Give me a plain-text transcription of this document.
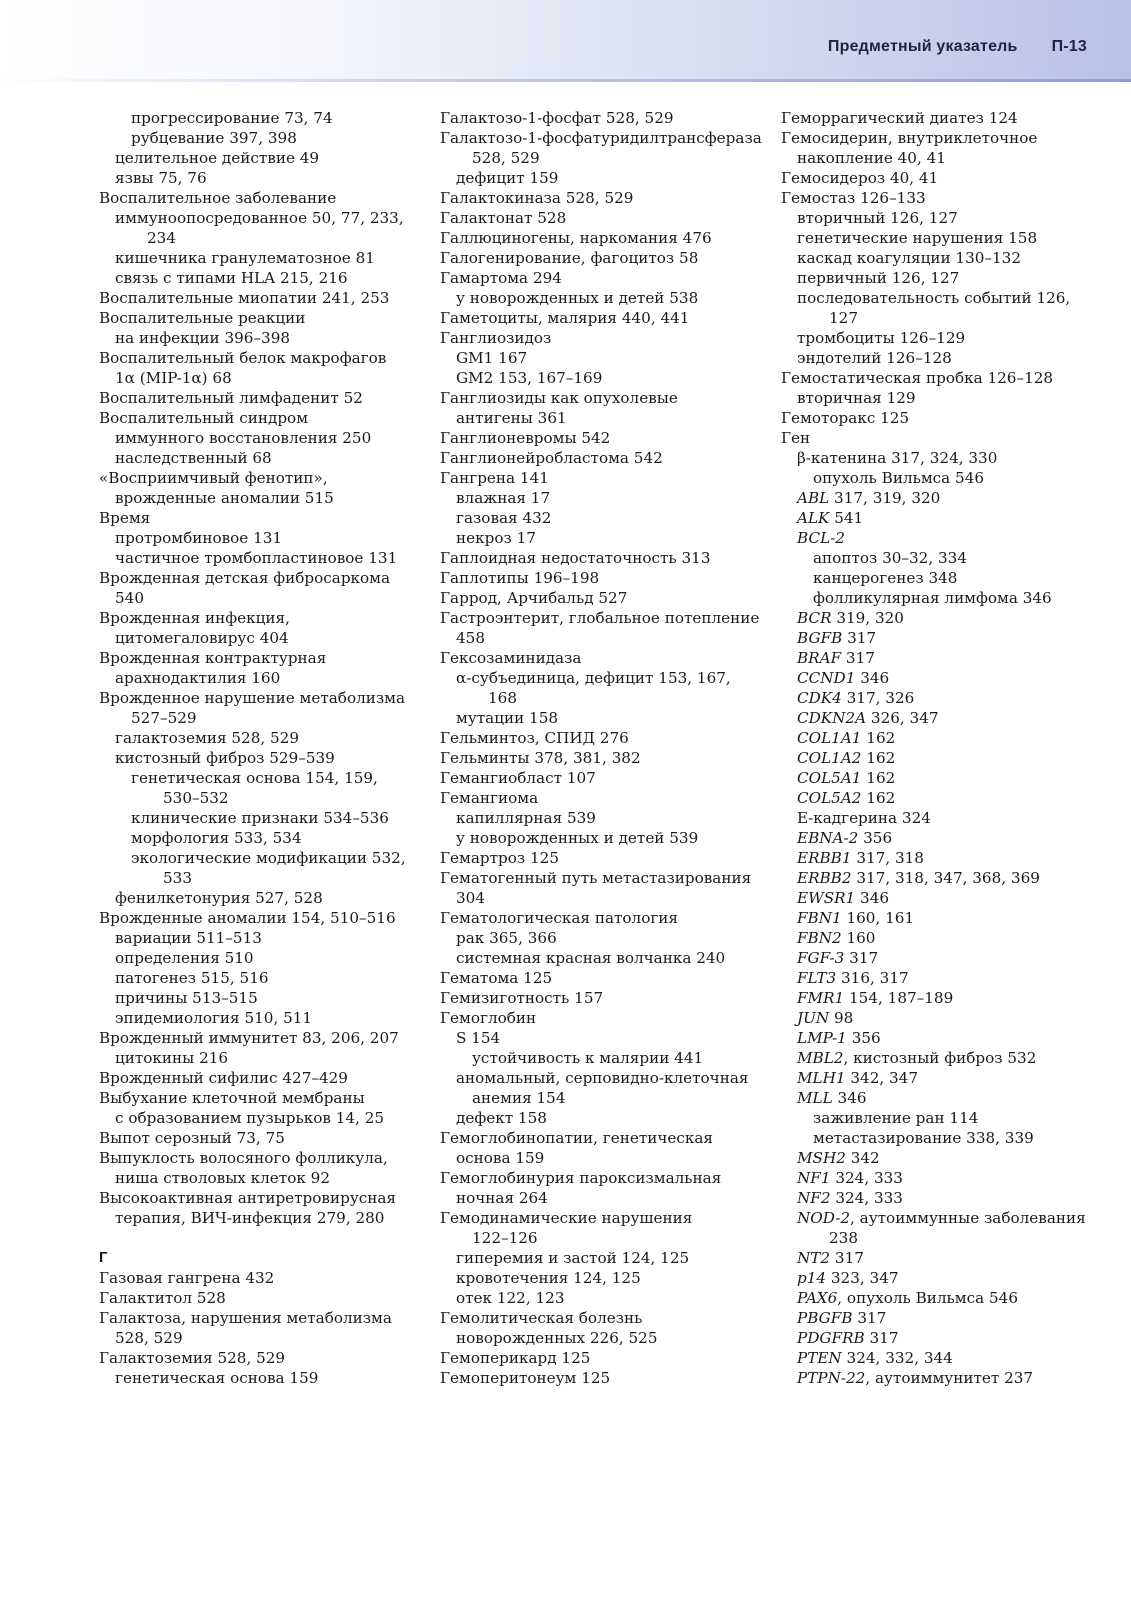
Предметный указатель П-13
прогрессирование 73, 74
рубцевание 397, 398
целительное действие 49
язвы 75, 76
Воспалительное заболевание
иммуноопосредованное 50, 77, 233,
234
кишечника гранулематозное 81
связь с типами HLA 215, 216
Воспалительные миопатии 241, 253
Воспалительные реакции
на инфекции 396–398
Воспалительный белок макрофагов
1α (MIP-1α) 68
Воспалительный лимфаденит 52
Воспалительный синдром
иммунного восстановления 250
наследственный 68
«Восприимчивый фенотип»,
врожденные аномалии 515
Время
протромбиновое 131
частичное тромбопластиновое 131
Врожденная детская фибросаркома
540
Врожденная инфекция,
цитомегаловирус 404
Врожденная контрактурная
арахнодактилия 160
Врожденное нарушение метаболизма
527–529
галактоземия 528, 529
кистозный фиброз 529–539
генетическая основа 154, 159,
530–532
клинические признаки 534–536
морфология 533, 534
экологические модификации 532,
533
фенилкетонурия 527, 528
Врожденные аномалии 154, 510–516
вариации 511–513
определения 510
патогенез 515, 516
причины 513–515
эпидемиология 510, 511
Врожденный иммунитет 83, 206, 207
цитокины 216
Врожденный сифилис 427–429
Выбухание клеточной мембраны
с образованием пузырьков 14, 25
Выпот серозный 73, 75
Выпуклость волосяного фолликула,
ниша стволовых клеток 92
Высокоактивная антиретровирусная
терапия, ВИЧ-инфекция 279, 280
Г
Газовая гангрена 432
Галактитол 528
Галактоза, нарушения метаболизма
528, 529
Галактоземия 528, 529
генетическая основа 159
Галактозо-1-фосфат 528, 529
Галактозо-1-фосфатуридилтрансфераза
528, 529
дефицит 159
Галактокиназа 528, 529
Галактонат 528
Галлюциногены, наркомания 476
Галогенирование, фагоцитоз 58
Гамартома 294
у новорожденных и детей 538
Гаметоциты, малярия 440, 441
Ганглиозидоз
GM1 167
GM2 153, 167–169
Ганглиозиды как опухолевые
антигены 361
Ганглионевромы 542
Ганглионейробластома 542
Гангрена 141
влажная 17
газовая 432
некроз 17
Гаплоидная недостаточность 313
Гаплотипы 196–198
Гаррод, Арчибальд 527
Гастроэнтерит, глобальное потепление
458
Гексозаминидаза
α-субъединица, дефицит 153, 167,
168
мутации 158
Гельминтоз, СПИД 276
Гельминты 378, 381, 382
Гемангиобласт 107
Гемангиома
капиллярная 539
у новорожденных и детей 539
Гемартроз 125
Гематогенный путь метастазирования
304
Гематологическая патология
рак 365, 366
системная красная волчанка 240
Гематома 125
Гемизиготность 157
Гемоглобин
S 154
устойчивость к малярии 441
аномальный, серповидно-клеточная
анемия 154
дефект 158
Гемоглобинопатии, генетическая
основа 159
Гемоглобинурия пароксизмальная
ночная 264
Гемодинамические нарушения
122–126
гиперемия и застой 124, 125
кровотечения 124, 125
отек 122, 123
Гемолитическая болезнь
новорожденных 226, 525
Гемоперикард 125
Гемоперитонеум 125
Геморрагический диатез 124
Гемосидерин, внутриклеточное
накопление 40, 41
Гемосидероз 40, 41
Гемостаз 126–133
вторичный 126, 127
генетические нарушения 158
каскад коагуляции 130–132
первичный 126, 127
последовательность событий 126,
127
тромбоциты 126–129
эндотелий 126–128
Гемостатическая пробка 126–128
вторичная 129
Гемоторакс 125
Ген
β-катенина 317, 324, 330
опухоль Вильмса 546
ABL 317, 319, 320
ALK 541
BCL-2
апоптоз 30–32, 334
канцерогенез 348
фолликулярная лимфома 346
BCR 319, 320
BGFB 317
BRAF 317
CCND1 346
CDK4 317, 326
CDKN2A 326, 347
COL1A1 162
COL1A2 162
COL5A1 162
COL5A2 162
Е-кадгерина 324
EBNA-2 356
ERBB1 317, 318
ERBB2 317, 318, 347, 368, 369
EWSR1 346
FBN1 160, 161
FBN2 160
FGF-3 317
FLT3 316, 317
FMR1 154, 187–189
JUN 98
LMP-1 356
MBL2, кистозный фиброз 532
MLH1 342, 347
MLL 346
заживление ран 114
метастазирование 338, 339
MSH2 342
NF1 324, 333
NF2 324, 333
NOD-2, аутоиммунные заболевания
238
NT2 317
p14 323, 347
PAX6, опухоль Вильмса 546
PBGFB 317
PDGFRB 317
PTEN 324, 332, 344
PTPN-22, аутоиммунитет 237
